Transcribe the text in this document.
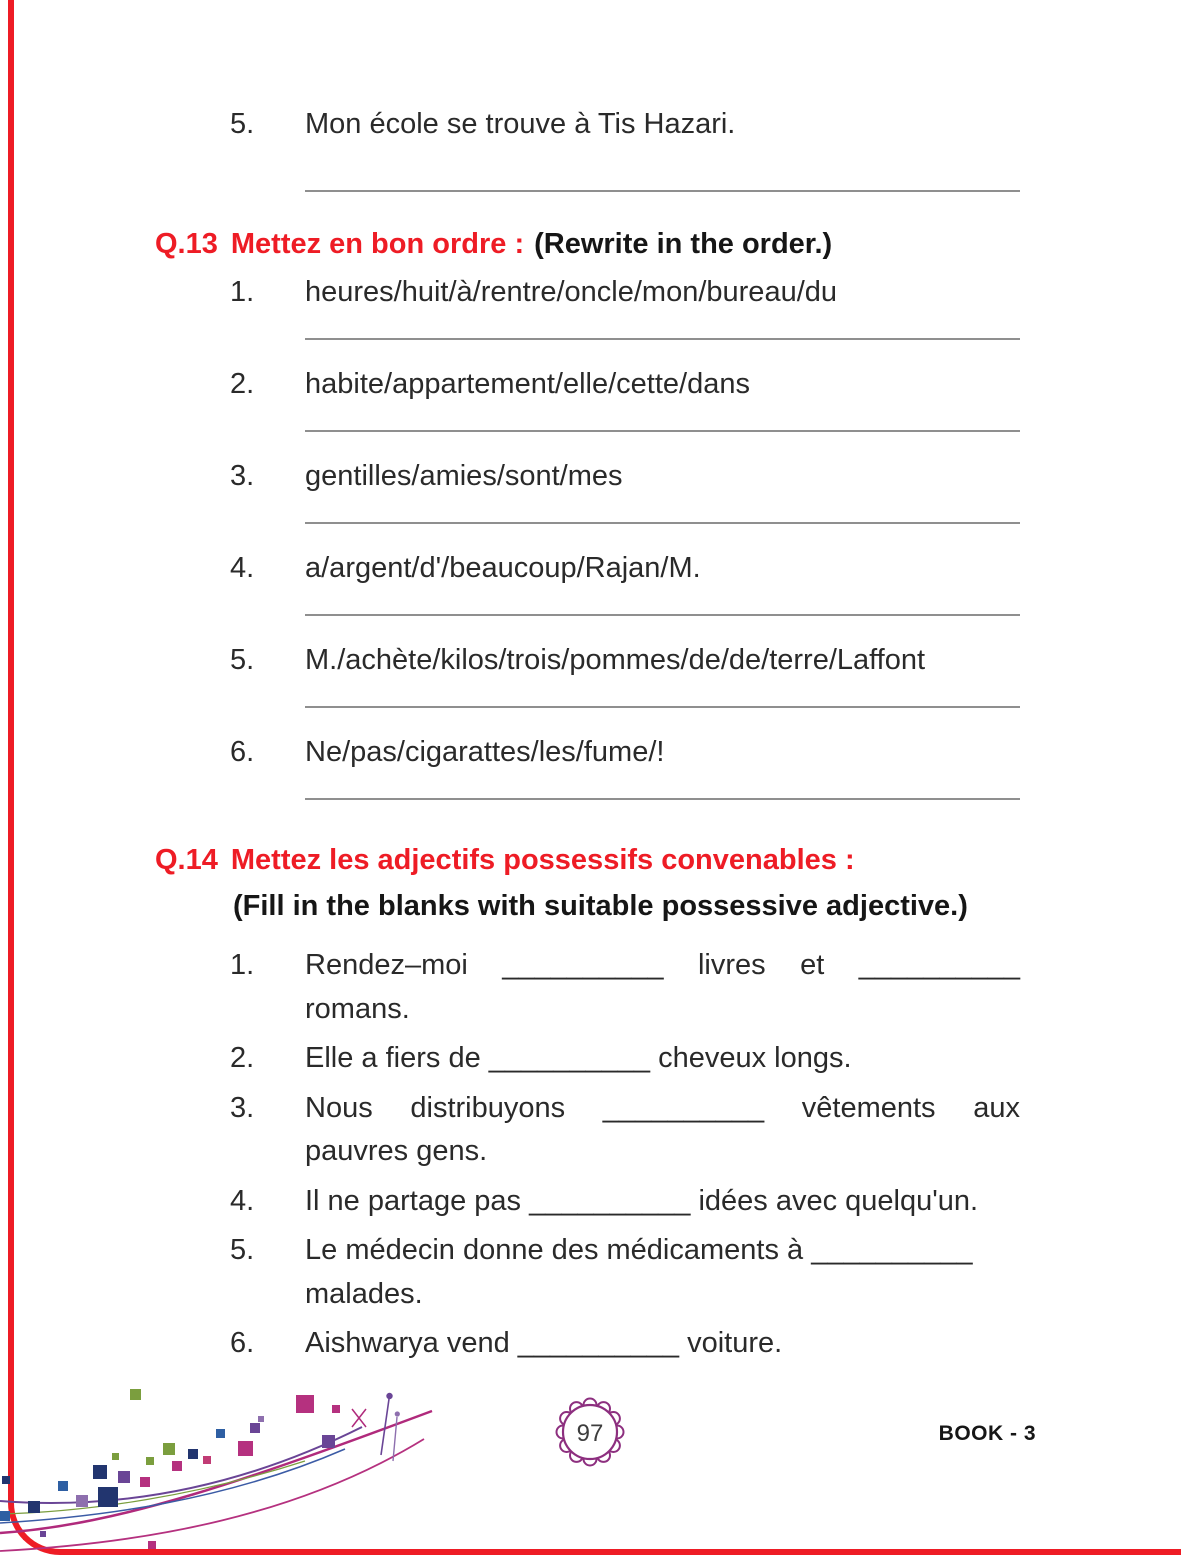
5.	Mon école se trouve à Tis Hazari.
Q.13 Mettez en bon ordre : (Rewrite in the order.)
1.	heures/huit/à/rentre/oncle/mon/bureau/du
2.	habite/appartement/elle/cette/dans
3.	gentilles/amies/sont/mes
4.	a/argent/d'/beaucoup/Rajan/M.
5.	M./achète/kilos/trois/pommes/de/de/terre/Laffont
6.	Ne/pas/cigarattes/les/fume/!
Q.14 Mettez les adjectifs possessifs convenables :
(Fill in the blanks with suitable possessive adjective.)
1.	Rendez–moi __________ livres et __________
romans.
2.	Elle a fiers de __________ cheveux longs.
3.	Nous distribuyons __________ vêtements aux
pauvres gens.
4.	Il ne partage pas __________ idées avec quelqu'un.
5.	Le médecin donne des médicaments à __________
malades.
6.	Aishwarya vend __________ voiture.
97	BOOK - 3
